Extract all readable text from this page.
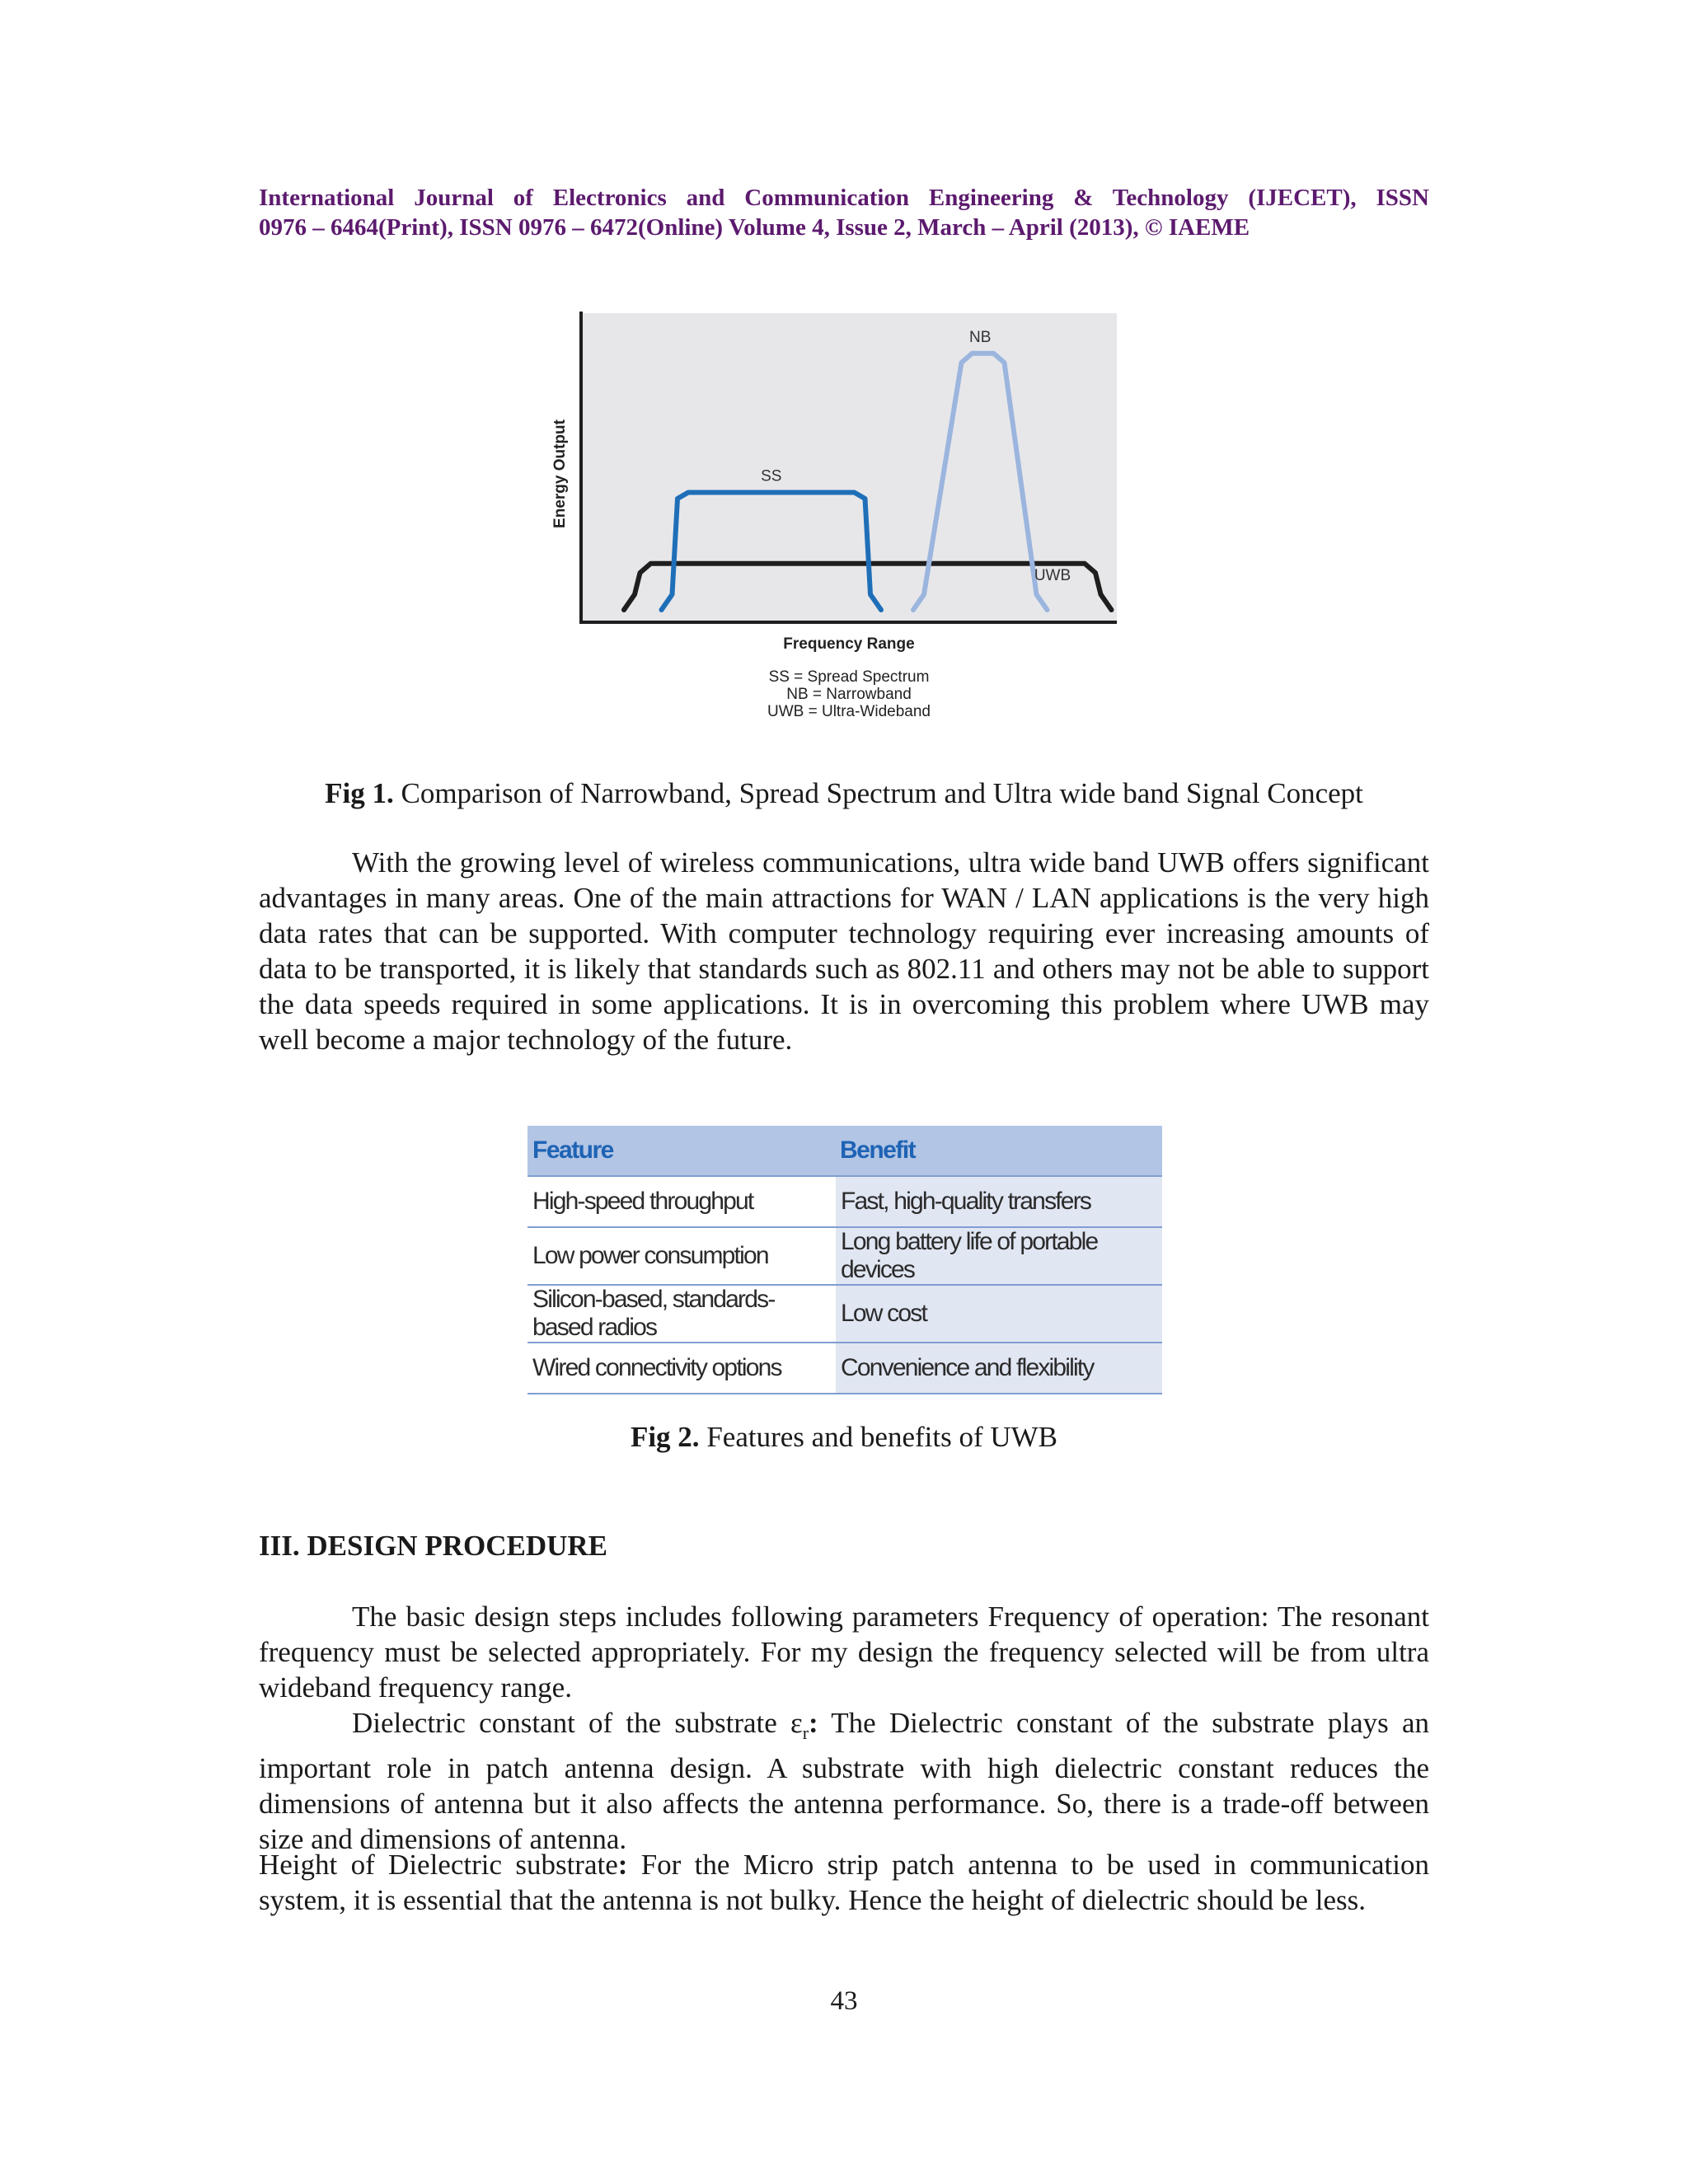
International Journal of Electronics and Communication Engineering & Technology (IJECET), ISSN
0976 – 6464(Print), ISSN 0976 – 6472(Online) Volume 4, Issue 2, March – April (2013), © IAEME
UWB
SS
NB
Energy Output
Frequency Range
SS = Spread Spectrum
NB = Narrowband
UWB = Ultra-Wideband
Fig 1. Comparison of Narrowband, Spread Spectrum and Ultra wide band Signal Concept
With the growing level of wireless communications, ultra wide band UWB offers significant advantages in many areas. One of the main attractions for WAN / LAN applications is the very high data rates that can be supported. With computer technology requiring ever increasing amounts of data to be transported, it is likely that standards such as 802.11 and others may not be able to support the data speeds required in some applications. It is in overcoming this problem where UWB may well become a major technology of the future.
Feature	Benefit
High-speed throughput	Fast, high-quality transfers
Low power consumption	Long battery life of portable devices
Silicon-based, standards-based radios	Low cost
Wired connectivity options	Convenience and flexibility
Fig 2. Features and benefits of UWB
III. DESIGN PROCEDURE
The basic design steps includes following parameters Frequency of operation: The resonant frequency must be selected appropriately. For my design the frequency selected will be from ultra wideband frequency range.
Dielectric constant of the substrate $\varepsilon_r$: The Dielectric constant of the substrate plays an important role in patch antenna design. A substrate with high dielectric constant reduces the dimensions of antenna but it also affects the antenna performance. So, there is a trade-off between size and dimensions of antenna.
Height of Dielectric substrate: For the Micro strip patch antenna to be used in communication system, it is essential that the antenna is not bulky. Hence the height of dielectric should be less.
43
